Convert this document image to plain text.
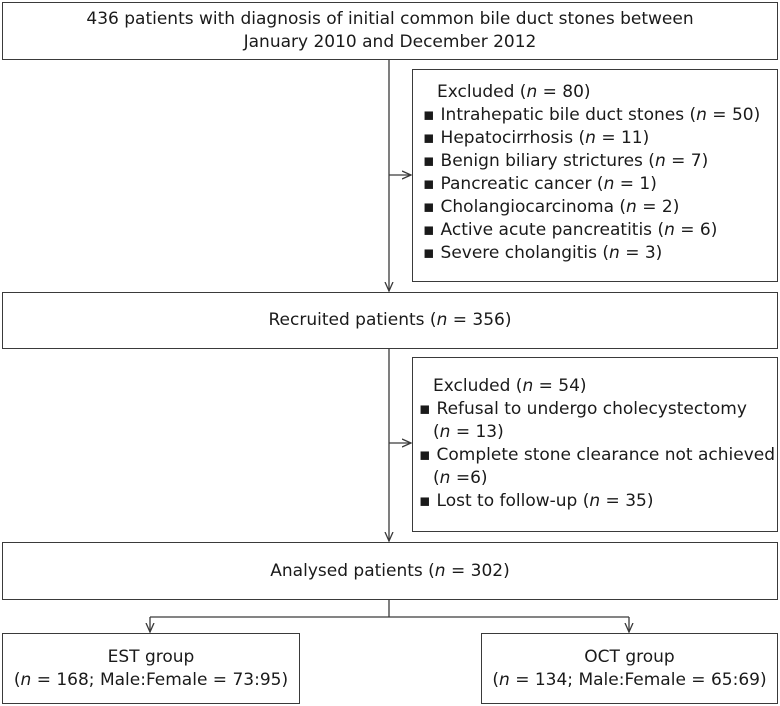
436 patients with diagnosis of initial common bile duct stones between
January 2010 and December 2012
Excluded (n = 80)
▪ Intrahepatic bile duct stones (n = 50)
▪ Hepatocirrhosis (n = 11)
▪ Benign biliary strictures (n = 7)
▪ Pancreatic cancer (n = 1)
▪ Cholangiocarcinoma (n = 2)
▪ Active acute pancreatitis (n = 6)
▪ Severe cholangitis (n = 3)
Recruited patients (n = 356)
Excluded (n = 54)
▪ Refusal to undergo cholecystectomy
(n = 13)
▪ Complete stone clearance not achieved
(n =6)
▪ Lost to follow-up (n = 35)
Analysed patients (n = 302)
EST group
(n = 168; Male:Female = 73:95)
OCT group
(n = 134; Male:Female = 65:69)
